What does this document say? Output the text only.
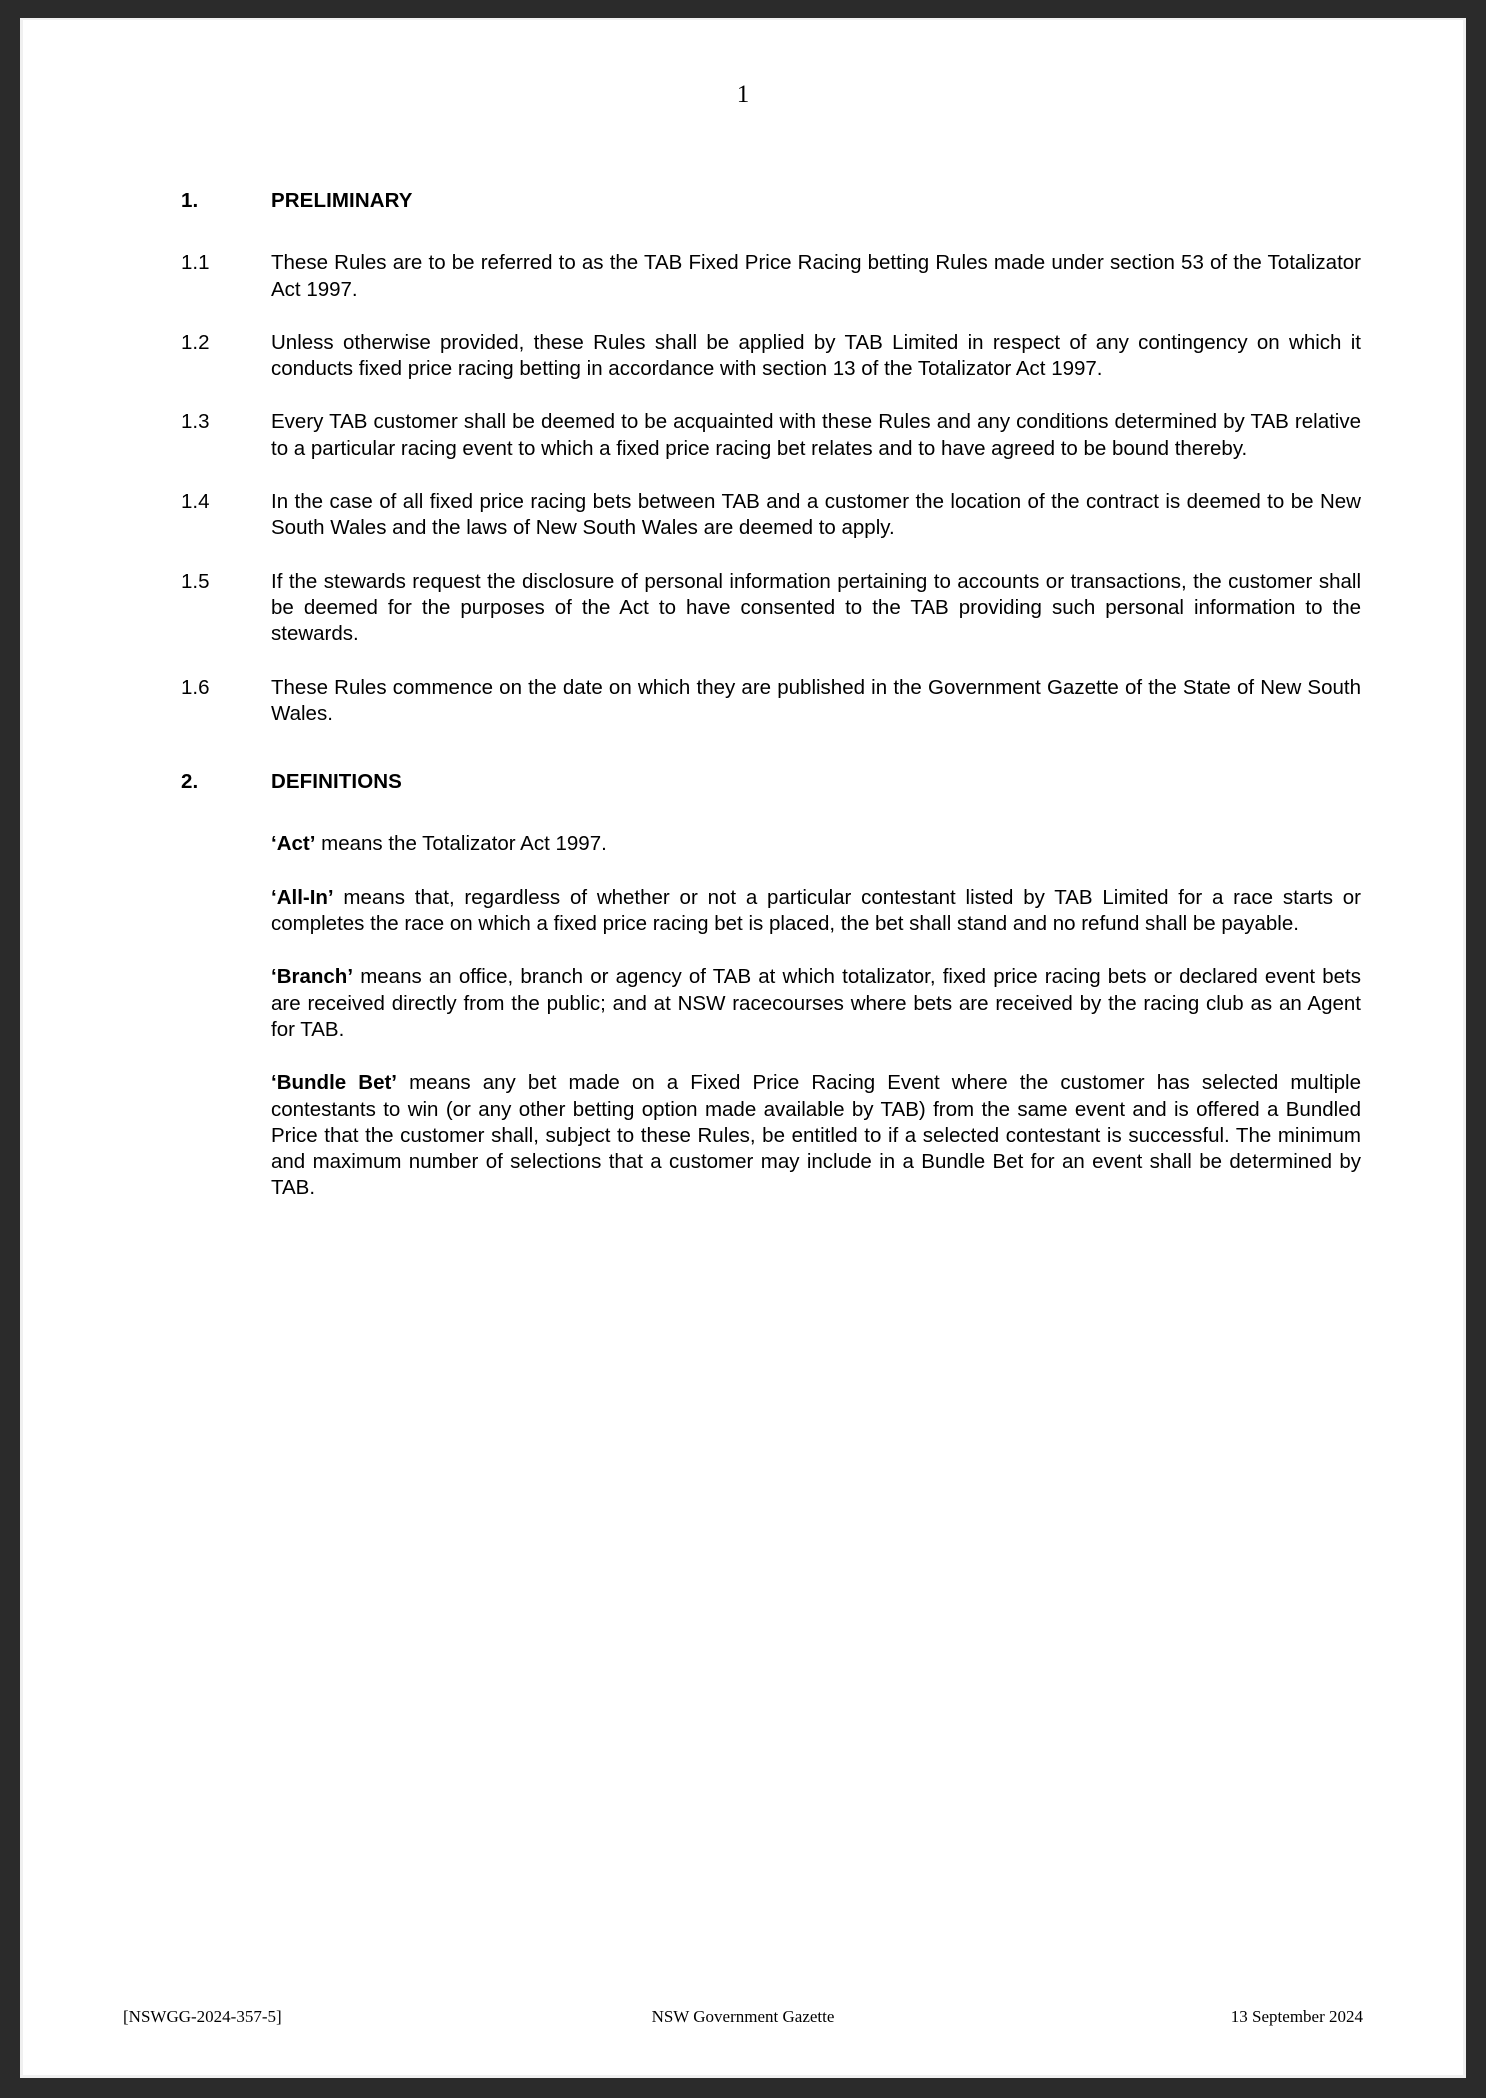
1
1.	PRELIMINARY
1.1	These Rules are to be referred to as the TAB Fixed Price Racing betting Rules made under section 53 of the Totalizator Act 1997.
1.2	Unless otherwise provided, these Rules shall be applied by TAB Limited in respect of any contingency on which it conducts fixed price racing betting in accordance with section 13 of the Totalizator Act 1997.
1.3	Every TAB customer shall be deemed to be acquainted with these Rules and any conditions determined by TAB relative to a particular racing event to which a fixed price racing bet relates and to have agreed to be bound thereby.
1.4	In the case of all fixed price racing bets between TAB and a customer the location of the contract is deemed to be New South Wales and the laws of New South Wales are deemed to apply.
1.5	If the stewards request the disclosure of personal information pertaining to accounts or transactions, the customer shall be deemed for the purposes of the Act to have consented to the TAB providing such personal information to the stewards.
1.6	These Rules commence on the date on which they are published in the Government Gazette of the State of New South Wales.
2.	DEFINITIONS

‘Act’ means the Totalizator Act 1997.

‘All-In’ means that, regardless of whether or not a particular contestant listed by TAB Limited for a race starts or completes the race on which a fixed price racing bet is placed, the bet shall stand and no refund shall be payable.

‘Branch’ means an office, branch or agency of TAB at which totalizator, fixed price racing bets or declared event bets are received directly from the public; and at NSW racecourses where bets are received by the racing club as an Agent for TAB.

‘Bundle Bet’ means any bet made on a Fixed Price Racing Event where the customer has selected multiple contestants to win (or any other betting option made available by TAB) from the same event and is offered a Bundled Price that the customer shall, subject to these Rules, be entitled to if a selected contestant is successful. The minimum and maximum number of selections that a customer may include in a Bundle Bet for an event shall be determined by TAB.

[NSWGG-2024-357-5]	NSW Government Gazette	13 September 2024
